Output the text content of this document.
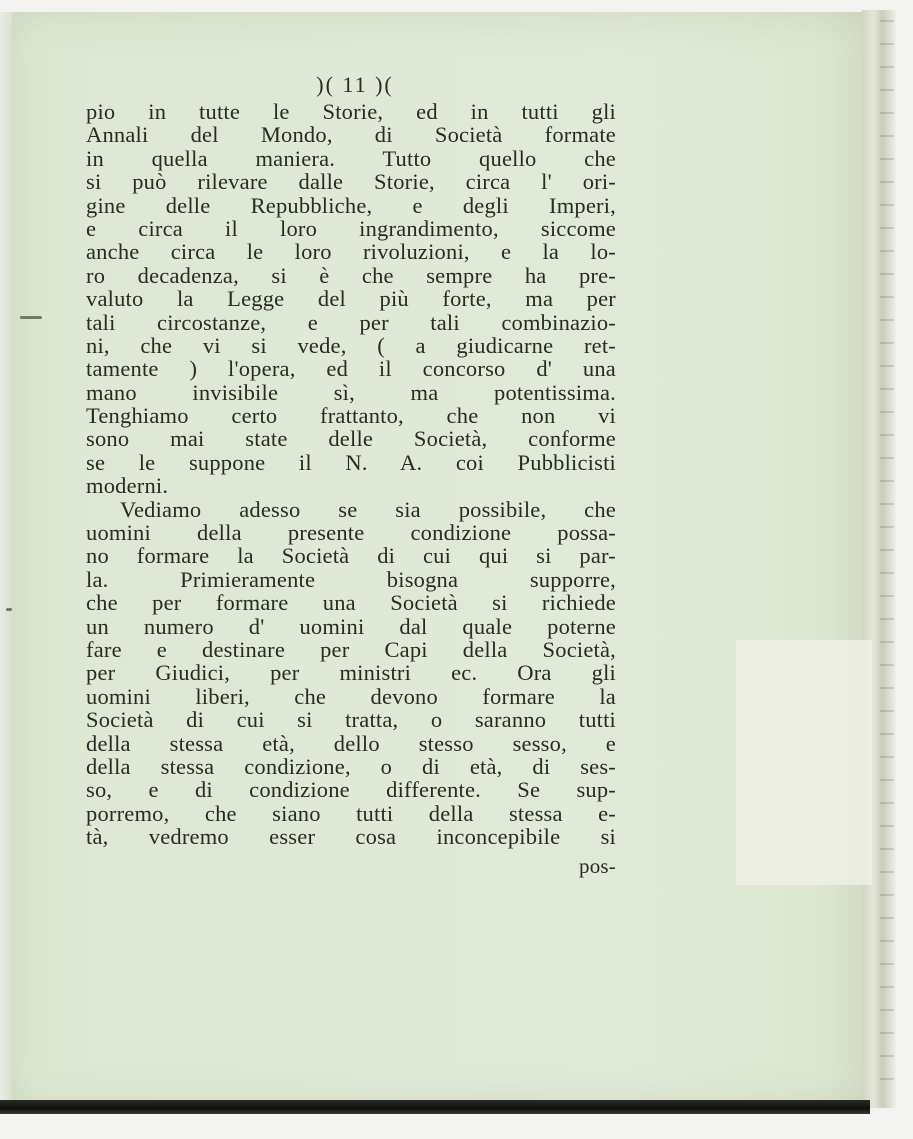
)( 11 )(
pio in tutte le Storie, ed in tutti gli
Annali del Mondo, di Società formate
in quella maniera. Tutto quello che
si può rilevare dalle Storie, circa l' ori-
gine delle Repubbliche, e degli Imperi,
e circa il loro ingrandimento, siccome
anche circa le loro rivoluzioni, e la lo-
ro decadenza, si è che sempre ha pre-
valuto la Legge del più forte, ma per
tali circostanze, e per tali combinazio-
ni, che vi si vede, ( a giudicarne ret-
tamente ) l'opera, ed il concorso d' una
mano invisibile sì, ma potentissima.
Tenghiamo certo frattanto, che non vi
sono mai state delle Società, conforme
se le suppone il N. A. coi Pubblicisti
moderni.
Vediamo adesso se sia possibile, che
uomini della presente condizione possa-
no formare la Società di cui qui si par-
la. Primieramente bisogna supporre,
che per formare una Società si richiede
un numero d' uomini dal quale poterne
fare e destinare per Capi della Società,
per Giudici, per ministri ec. Ora gli
uomini liberi, che devono formare la
Società di cui si tratta, o saranno tutti
della stessa età, dello stesso sesso, e
della stessa condizione, o di età, di ses-
so, e di condizione differente. Se sup-
porremo, che siano tutti della stessa e-
tà, vedremo esser cosa inconcepibile si
pos-
